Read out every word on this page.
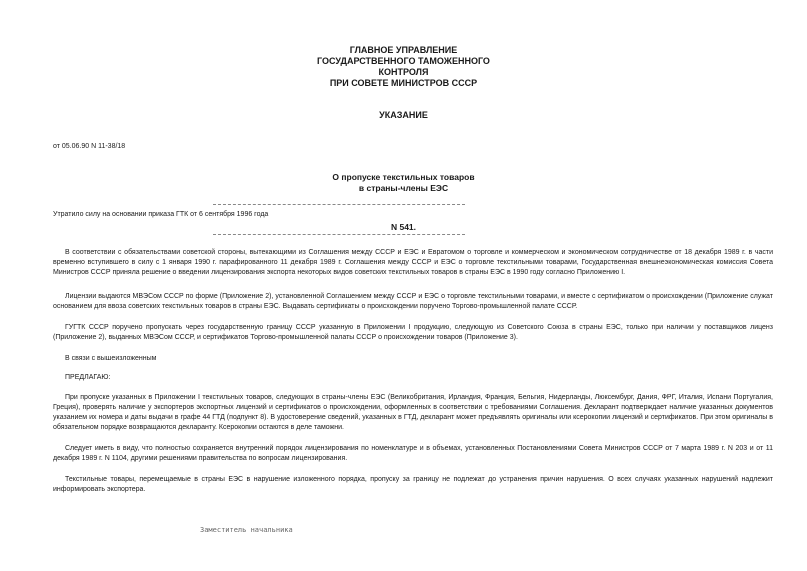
ГЛАВНОЕ УПРАВЛЕНИЕ
ГОСУДАРСТВЕННОГО ТАМОЖЕННОГО
КОНТРОЛЯ
ПРИ СОВЕТЕ МИНИСТРОВ СССР
УКАЗАНИЕ
от 05.06.90 N 11-38/18
О пропуске текстильных товаров
в страны-члены ЕЭС
Утратило силу на основании приказа ГТК от 6 сентября 1996 года
N 541.
В соответствии с обязательствами советской стороны, вытекающими из Соглашения между СССР и ЕЭС и Евратомом о торговле и коммерческом и экономическом сотрудничестве от 18 декабря 1989 г. в части временно вступившего в силу с 1 января 1990 г. парафированного 11 декабря 1989 г. Соглашения между СССР и ЕЭС о торговле текстильными товарами, Государственная внешнеэкономическая комиссия Совета Министров СССР приняла решение о введении лицензирования экспорта некоторых видов советских текстильных товаров в страны ЕЭС в 1990 году согласно Приложению I.
Лицензии выдаются МВЭСом СССР по форме (Приложение 2), установленной Соглашением между СССР и ЕЭС о торговле текстильными товарами, и вместе с сертификатом о происхождении (Приложение служат основанием для ввоза советских текстильных товаров в страны ЕЭС. Выдавать сертификаты о происхождении поручено Торгово-промышленной палате СССР.
ГУГТК СССР поручено пропускать через государственную границу СССР указанную в Приложении I продукцию, следующую из Советского Союза в страны ЕЭС, только при наличии у поставщиков лиценз (Приложение 2), выданных МВЭСом СССР, и сертификатов Торгово-промышленной палаты СССР о происхождении товаров (Приложение 3).
В связи с вышеизложенным
ПРЕДЛАГАЮ:
При пропуске указанных в Приложении I текстильных товаров, следующих в страны-члены ЕЭС (Великобритания, Ирландия, Франция, Бельгия, Нидерланды, Люксембург, Дания, ФРГ, Италия, Испани Португалия, Греция), проверять наличие у экспортеров экспортных лицензий и сертификатов о происхождении, оформленных в соответствии с требованиями Соглашения. Декларант подтверждает наличие указанных документов указанием их номера и даты выдачи в графе 44 ГТД (подпункт 8). В удостоверение сведений, указанных в ГТД, декларант может предъявлять оригиналы или ксерокопии лицензий и сертификатов. При этом оригиналы в обязательном порядке возвращаются декларанту. Ксерокопии остаются в деле таможни.
Следует иметь в виду, что полностью сохраняется внутренний порядок лицензирования по номенклатуре и в объемах, установленных Постановлениями Совета Министров СССР от 7 марта 1989 г. N 203 и от 11 декабря 1989 г. N 1104, другими решениями правительства по вопросам лицензирования.
Текстильные товары, перемещаемые в страны ЕЭС в нарушение изложенного порядка, пропуску за границу не подлежат до устранения причин нарушения. О всех случаях указанных нарушений надлежит информировать экспортера.
Заместитель начальника
